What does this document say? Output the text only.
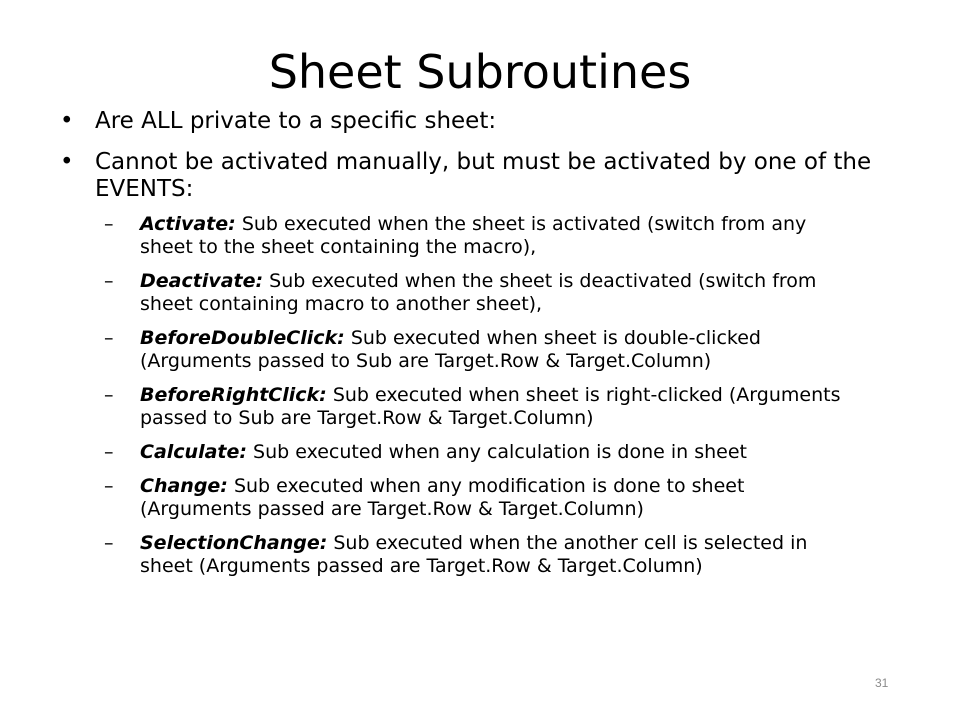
Sheet Subroutines
• Are ALL private to a specific sheet:
• Cannot be activated manually, but must be activated by one of the EVENTS:
– Activate: Sub executed when the sheet is activated (switch from any sheet to the sheet containing the macro),
– Deactivate: Sub executed when the sheet is deactivated (switch from sheet containing macro to another sheet),
– BeforeDoubleClick: Sub executed when sheet is double-clicked (Arguments passed to Sub are Target.Row & Target.Column)
– BeforeRightClick: Sub executed when sheet is right-clicked (Arguments passed to Sub are Target.Row & Target.Column)
– Calculate: Sub executed when any calculation is done in sheet
– Change: Sub executed when any modification is done to sheet (Arguments passed are Target.Row & Target.Column)
– SelectionChange: Sub executed when the another cell is selected in sheet (Arguments passed are Target.Row & Target.Column)
31
